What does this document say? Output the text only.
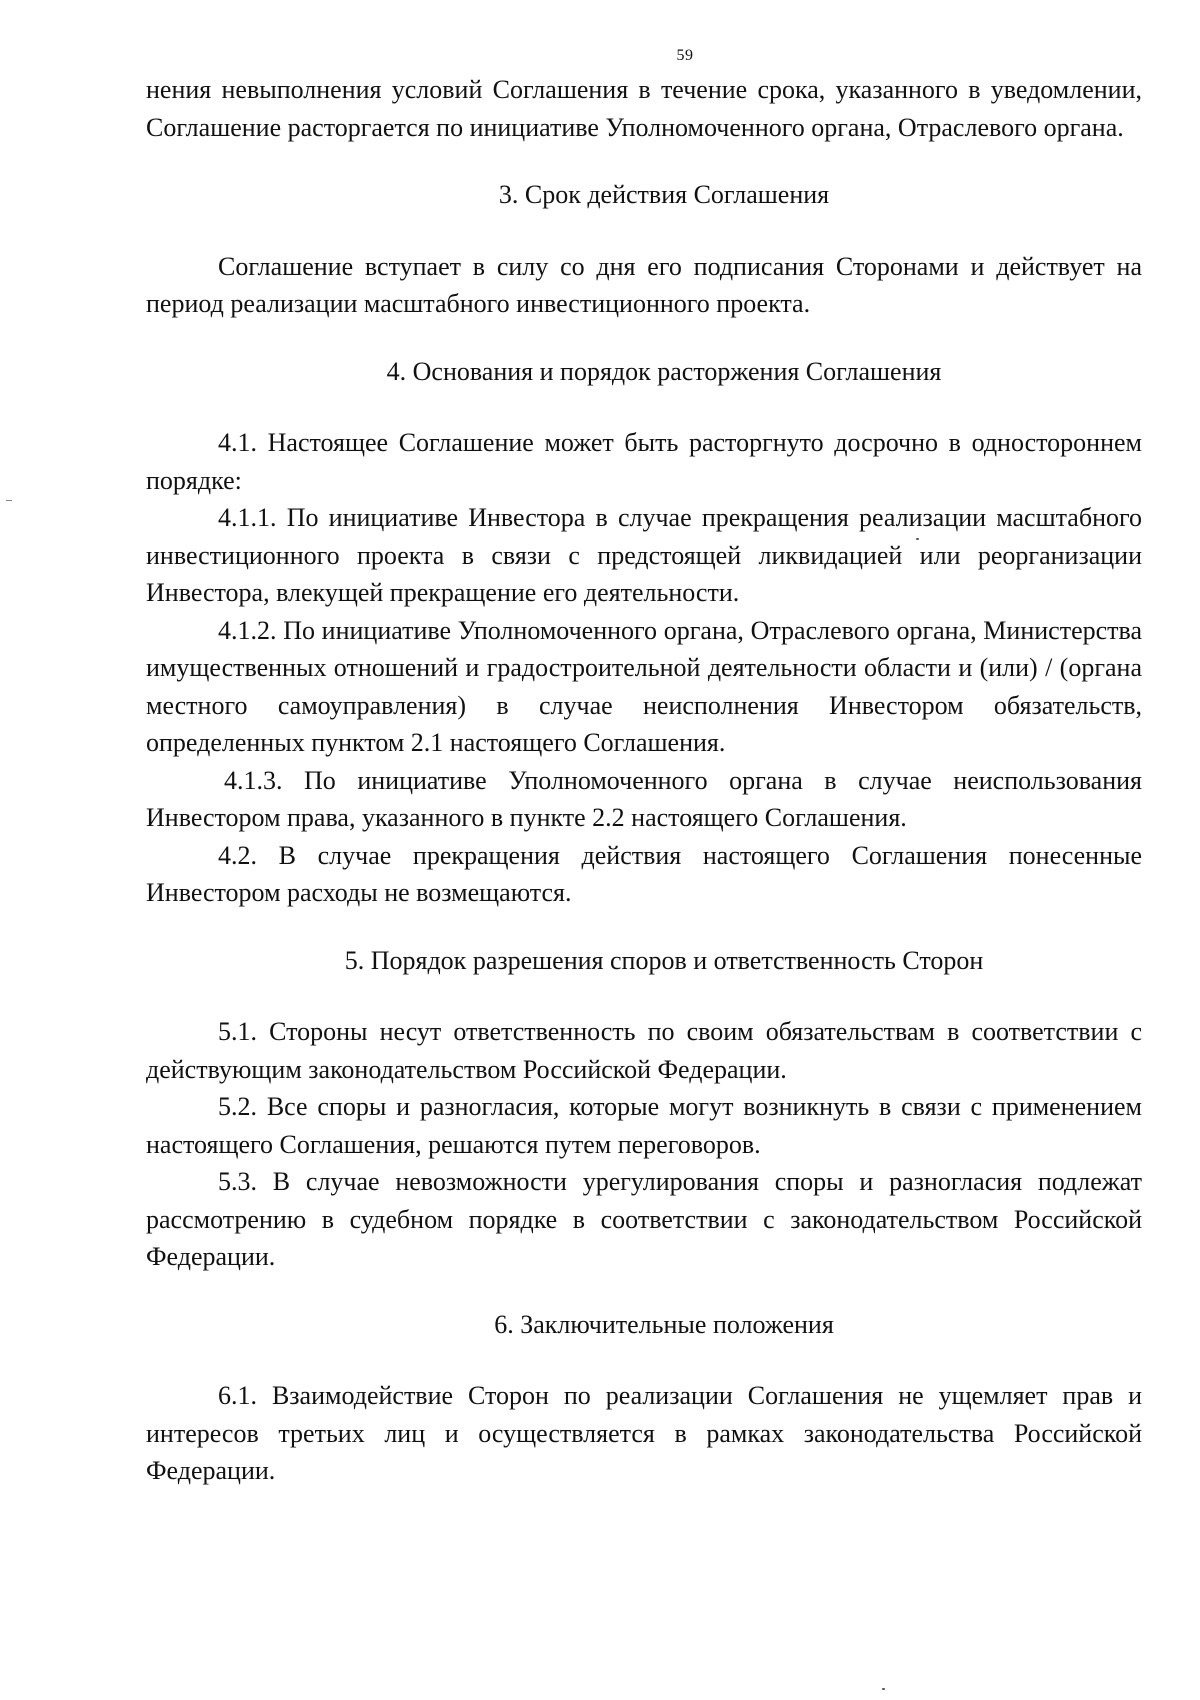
59

нения невыполнения условий Соглашения в течение срока, указанного в уведомлении, Соглашение расторгается по инициативе Уполномоченного органа, Отраслевого органа.

3. Срок действия Соглашения

Соглашение вступает в силу со дня его подписания Сторонами и действует на период реализации масштабного инвестиционного проекта.

4. Основания и порядок расторжения Соглашения

4.1. Настоящее Соглашение может быть расторгнуто досрочно в одностороннем порядке:

4.1.1. По инициативе Инвестора в случае прекращения реализации масштабного инвестиционного проекта в связи с предстоящей ликвидацией или реорганизации Инвестора, влекущей прекращение его деятельности.

4.1.2. По инициативе Уполномоченного органа, Отраслевого органа, Министерства имущественных отношений и градостроительной деятельности области и (или) / (органа местного самоуправления) в случае неисполнения Инвестором обязательств, определенных пунктом 2.1 настоящего Соглашения.

4.1.3. По инициативе Уполномоченного органа в случае неиспользования Инвестором права, указанного в пункте 2.2 настоящего Соглашения.

4.2. В случае прекращения действия настоящего Соглашения понесенные Инвестором расходы не возмещаются.

5. Порядок разрешения споров и ответственность Сторон

5.1. Стороны несут ответственность по своим обязательствам в соответствии с действующим законодательством Российской Федерации.

5.2. Все споры и разногласия, которые могут возникнуть в связи с применением настоящего Соглашения, решаются путем переговоров.

5.3. В случае невозможности урегулирования споры и разногласия подлежат рассмотрению в судебном порядке в соответствии с законодательством Российской Федерации.

6. Заключительные положения

6.1. Взаимодействие Сторон по реализации Соглашения не ущемляет прав и интересов третьих лиц и осуществляется в рамках законодательства Российской Федерации.
